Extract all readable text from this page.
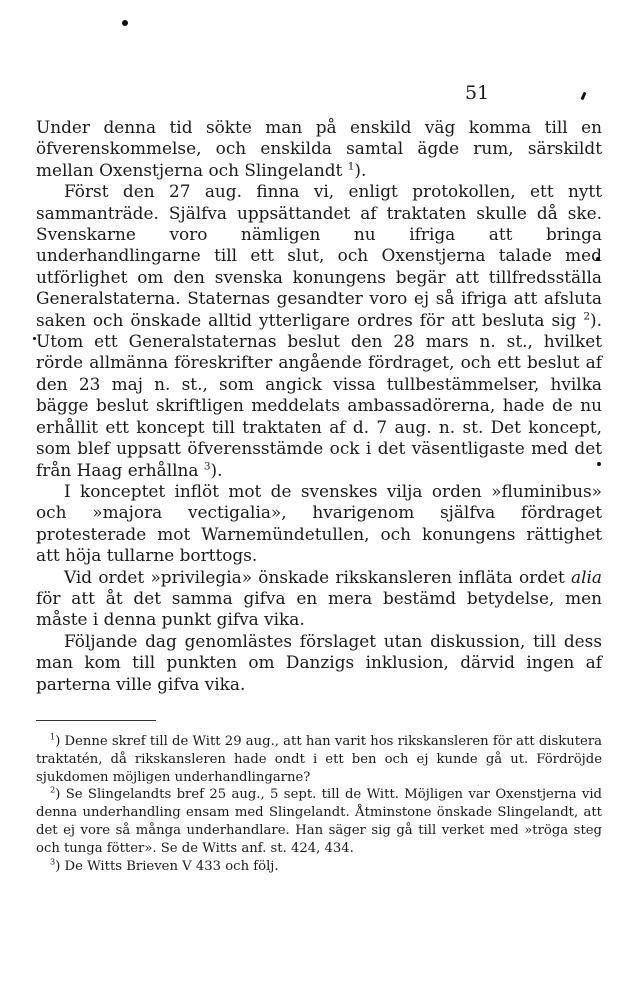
51
Under denna tid sökte man på enskild väg komma till en öfverenskommelse, och enskilda samtal ägde rum, särskildt mellan Oxenstjerna och Slingelandt $^1$).
Först den 27 aug. finna vi, enligt protokollen, ett nytt sammanträde. Själfva uppsättandet af traktaten skulle då ske. Svenskarne voro nämligen nu ifriga att bringa underhandlingarne till ett slut, och Oxenstjerna talade med utförlighet om den svenska konungens begär att tillfredsställa Generalstaterna. Staternas gesandter voro ej så ifriga att afsluta saken och önskade alltid ytterligare ordres för att besluta sig $^2$). Utom ett Generalstaternas beslut den 28 mars n. st., hvilket rörde allmänna föreskrifter angående fördraget, och ett beslut af den 23 maj n. st., som angick vissa tullbestämmelser, hvilka bägge beslut skriftligen meddelats ambassadörerna, hade de nu erhållit ett koncept till traktaten af d. 7 aug. n. st. Det koncept, som blef uppsatt öfverensstämde ock i det väsentligaste med det från Haag erhållna $^3$).
I konceptet inflöt mot de svenskes vilja orden »fluminibus» och »majora vectigalia», hvarigenom själfva fördraget protesterade mot Warnemündetullen, och konungens rättighet att höja tullarne borttogs.
Vid ordet »privilegia» önskade rikskansleren infläta ordet alia för att åt det samma gifva en mera bestämd betydelse, men måste i denna punkt gifva vika.
Följande dag genomlästes förslaget utan diskussion, till dess man kom till punkten om Danzigs inklusion, därvid ingen af parterna ville gifva vika.
$^1$) Denne skref till de Witt 29 aug., att han varit hos rikskansleren för att diskutera traktatén, då rikskansleren hade ondt i ett ben och ej kunde gå ut. Fördröjde sjukdomen möjligen underhandlingarne?
$^2$) Se Slingelandts bref 25 aug., 5 sept. till de Witt. Möjligen var Oxenstjerna vid denna underhandling ensam med Slingelandt. Åtminstone önskade Slingelandt, att det ej vore så många underhandlare. Han säger sig gå till verket med »tröga steg och tunga fötter». Se de Witts anf. st. 424, 434.
$^3$) De Witts Brieven V 433 och följ.
